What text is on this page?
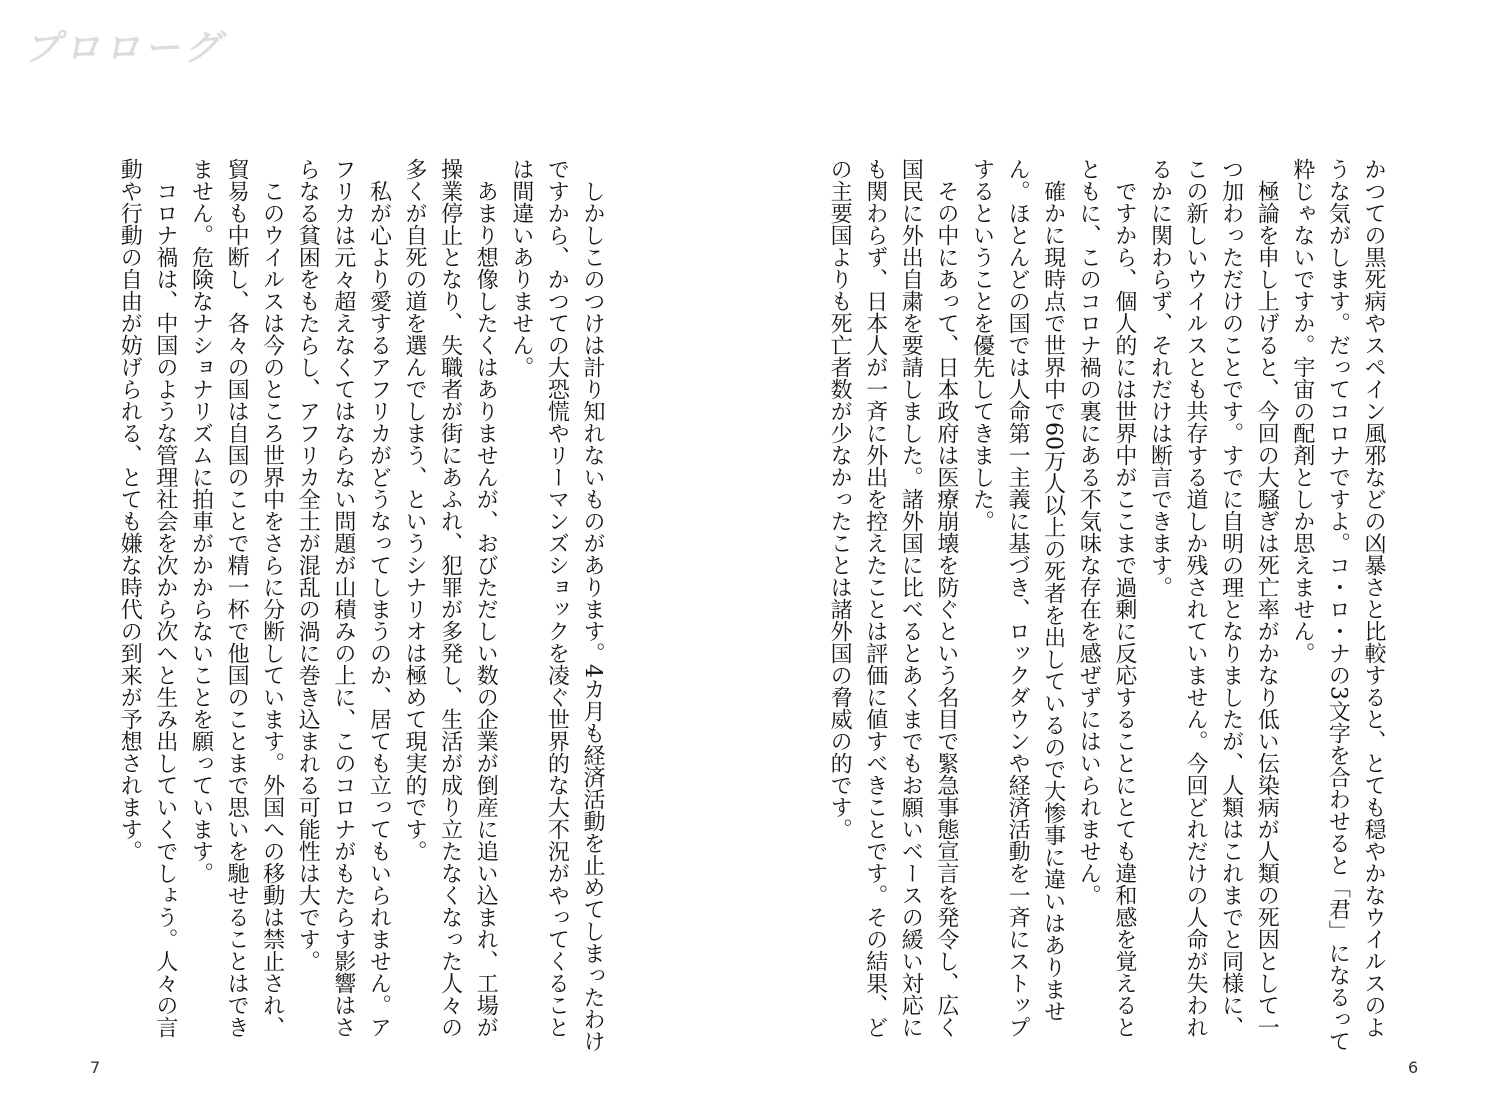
プロローグ

かつての黒死病やスペイン風邪などの凶暴さと比較すると、とても穏やかなウイルスのような気がします。だってコロナですよ。コ・ロ・ナの3文字を合わせると「君」になるって粋じゃないですか。宇宙の配剤としか思えません。

　極論を申し上げると、今回の大騒ぎは死亡率がかなり低い伝染病が人類の死因として一つ加わっただけのことです。すでに自明の理となりましたが、人類はこれまでと同様に、この新しいウイルスとも共存する道しか残されていません。今回どれだけの人命が失われるかに関わらず、それだけは断言できます。

　ですから、個人的には世界中がここまで過剰に反応することにとても違和感を覚えるとともに、このコロナ禍の裏にある不気味な存在を感ぜずにはいられません。

　確かに現時点で世界中で60万人以上の死者を出しているので大惨事に違いはありません。ほとんどの国では人命第一主義に基づき、ロックダウンや経済活動を一斉にストップするということを優先してきました。

　その中にあって、日本政府は医療崩壊を防ぐという名目で緊急事態宣言を発令し、広く国民に外出自粛を要請しました。諸外国に比べるとあくまでもお願いベースの緩い対応にも関わらず、日本人が一斉に外出を控えたことは評価に値すべきことです。その結果、どの主要国よりも死亡者数が少なかったことは諸外国の脅威の的です。

　しかしこのつけは計り知れないものがあります。4カ月も経済活動を止めてしまったわけですから、かつての大恐慌やリーマンズショックを凌ぐ世界的な大不況がやってくることは間違いありません。

　あまり想像したくはありませんが、おびただしい数の企業が倒産に追い込まれ、工場が操業停止となり、失職者が街にあふれ、犯罪が多発し、生活が成り立たなくなった人々の多くが自死の道を選んでしまう、というシナリオは極めて現実的です。

　私が心より愛するアフリカがどうなってしまうのか、居ても立ってもいられません。アフリカは元々超えなくてはならない問題が山積みの上に、このコロナがもたらす影響はさらなる貧困をもたらし、アフリカ全土が混乱の渦に巻き込まれる可能性は大です。

　このウイルスは今のところ世界中をさらに分断しています。外国への移動は禁止され、貿易も中断し、各々の国は自国のことで精一杯で他国のことまで思いを馳せることはできません。危険なナショナリズムに拍車がかからないことを願っています。

　コロナ禍は、中国のような管理社会を次から次へと生み出していくでしょう。人々の言動や行動の自由が妨げられる、とても嫌な時代の到来が予想されます。

7	6
